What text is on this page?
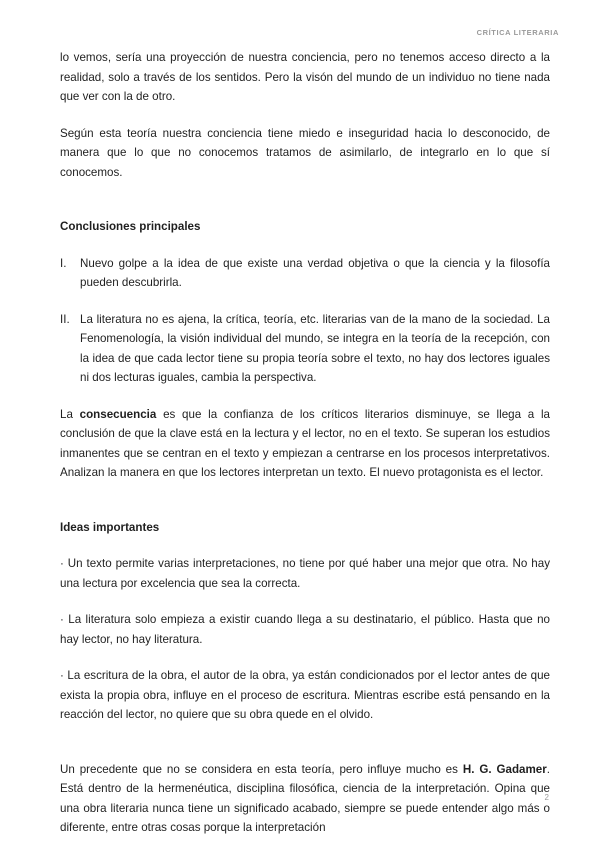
CRÍTICA LITERARIA

lo vemos, sería una proyección de nuestra conciencia, pero no tenemos acceso directo a la realidad, solo a través de los sentidos. Pero la visón del mundo de un individuo no tiene nada que ver con la de otro.

Según esta teoría nuestra conciencia tiene miedo e inseguridad hacia lo desconocido, de manera que lo que no conocemos tratamos de asimilarlo, de integrarlo en lo que sí conocemos.

Conclusiones principales

I.	Nuevo golpe a la idea de que existe una verdad objetiva o que la ciencia y la filosofía pueden descubrirla.
II. La literatura no es ajena, la crítica, teoría, etc. literarias van de la mano de la sociedad. La Fenomenología, la visión individual del mundo, se integra en la teoría de la recepción, con la idea de que cada lector tiene su propia teoría sobre el texto, no hay dos lectores iguales ni dos lecturas iguales, cambia la perspectiva.

La consecuencia es que la confianza de los críticos literarios disminuye, se llega a la conclusión de que la clave está en la lectura y el lector, no en el texto. Se superan los estudios inmanentes que se centran en el texto y empiezan a centrarse en los procesos interpretativos. Analizan la manera en que los lectores interpretan un texto. El nuevo protagonista es el lector.

Ideas importantes

· Un texto permite varias interpretaciones, no tiene por qué haber una mejor que otra. No hay una lectura por excelencia que sea la correcta.

· La literatura solo empieza a existir cuando llega a su destinatario, el público. Hasta que no hay lector, no hay literatura.

· La escritura de la obra, el autor de la obra, ya están condicionados por el lector antes de que exista la propia obra, influye en el proceso de escritura. Mientras escribe está pensando en la reacción del lector, no quiere que su obra quede en el olvido.

Un precedente que no se considera en esta teoría, pero influye mucho es H. G. Gadamer. Está dentro de la hermenéutica, disciplina filosófica, ciencia de la interpretación. Opina que una obra literaria nunca tiene un significado acabado, siempre se puede entender algo más o diferente, entre otras cosas porque la interpretación

2
